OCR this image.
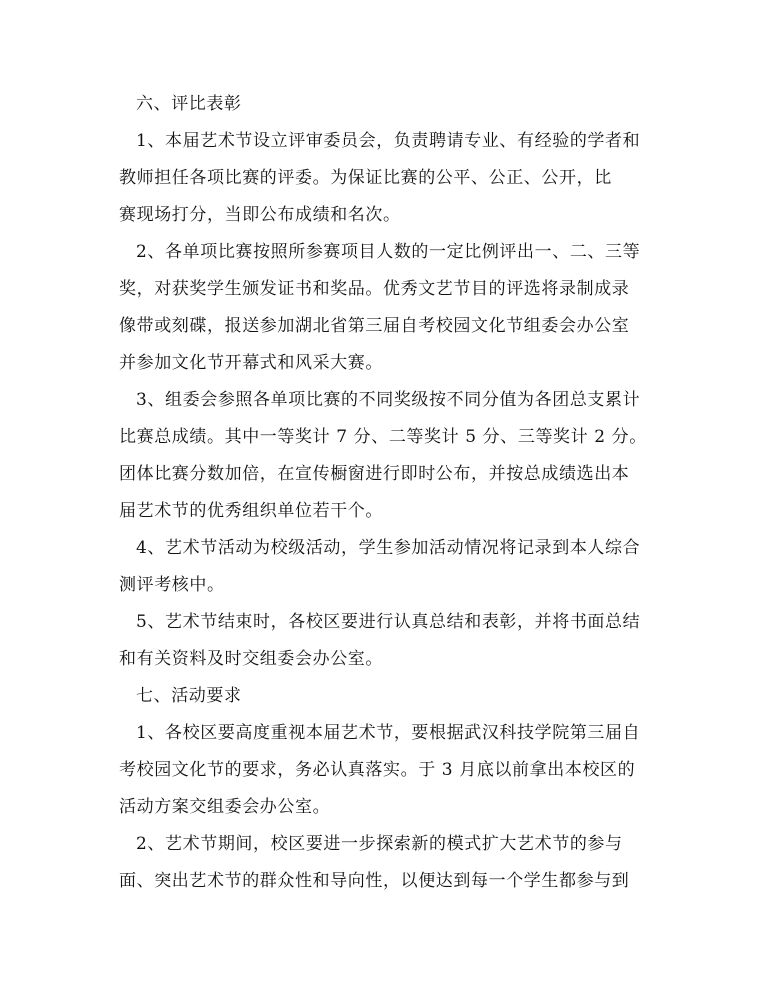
六、评比表彰
1、本届艺术节设立评审委员会，负责聘请专业、有经验的学者和
教师担任各项比赛的评委。为保证比赛的公平、公正、公开，比
赛现场打分，当即公布成绩和名次。
2、各单项比赛按照所参赛项目人数的一定比例评出一、二、三等
奖，对获奖学生颁发证书和奖品。优秀文艺节目的评选将录制成录
像带或刻碟，报送参加湖北省第三届自考校园文化节组委会办公室
并参加文化节开幕式和风采大赛。
3、组委会参照各单项比赛的不同奖级按不同分值为各团总支累计
比赛总成绩。其中一等奖计 7 分、二等奖计 5 分、三等奖计 2 分。
团体比赛分数加倍，在宣传橱窗进行即时公布，并按总成绩选出本
届艺术节的优秀组织单位若干个。
4、艺术节活动为校级活动，学生参加活动情况将记录到本人综合
测评考核中。
5、艺术节结束时，各校区要进行认真总结和表彰，并将书面总结
和有关资料及时交组委会办公室。
七、活动要求
1、各校区要高度重视本届艺术节，要根据武汉科技学院第三届自
考校园文化节的要求，务必认真落实。于 3 月底以前拿出本校区的
活动方案交组委会办公室。
2、艺术节期间，校区要进一步探索新的模式扩大艺术节的参与
面、突出艺术节的群众性和导向性，以便达到每一个学生都参与到
